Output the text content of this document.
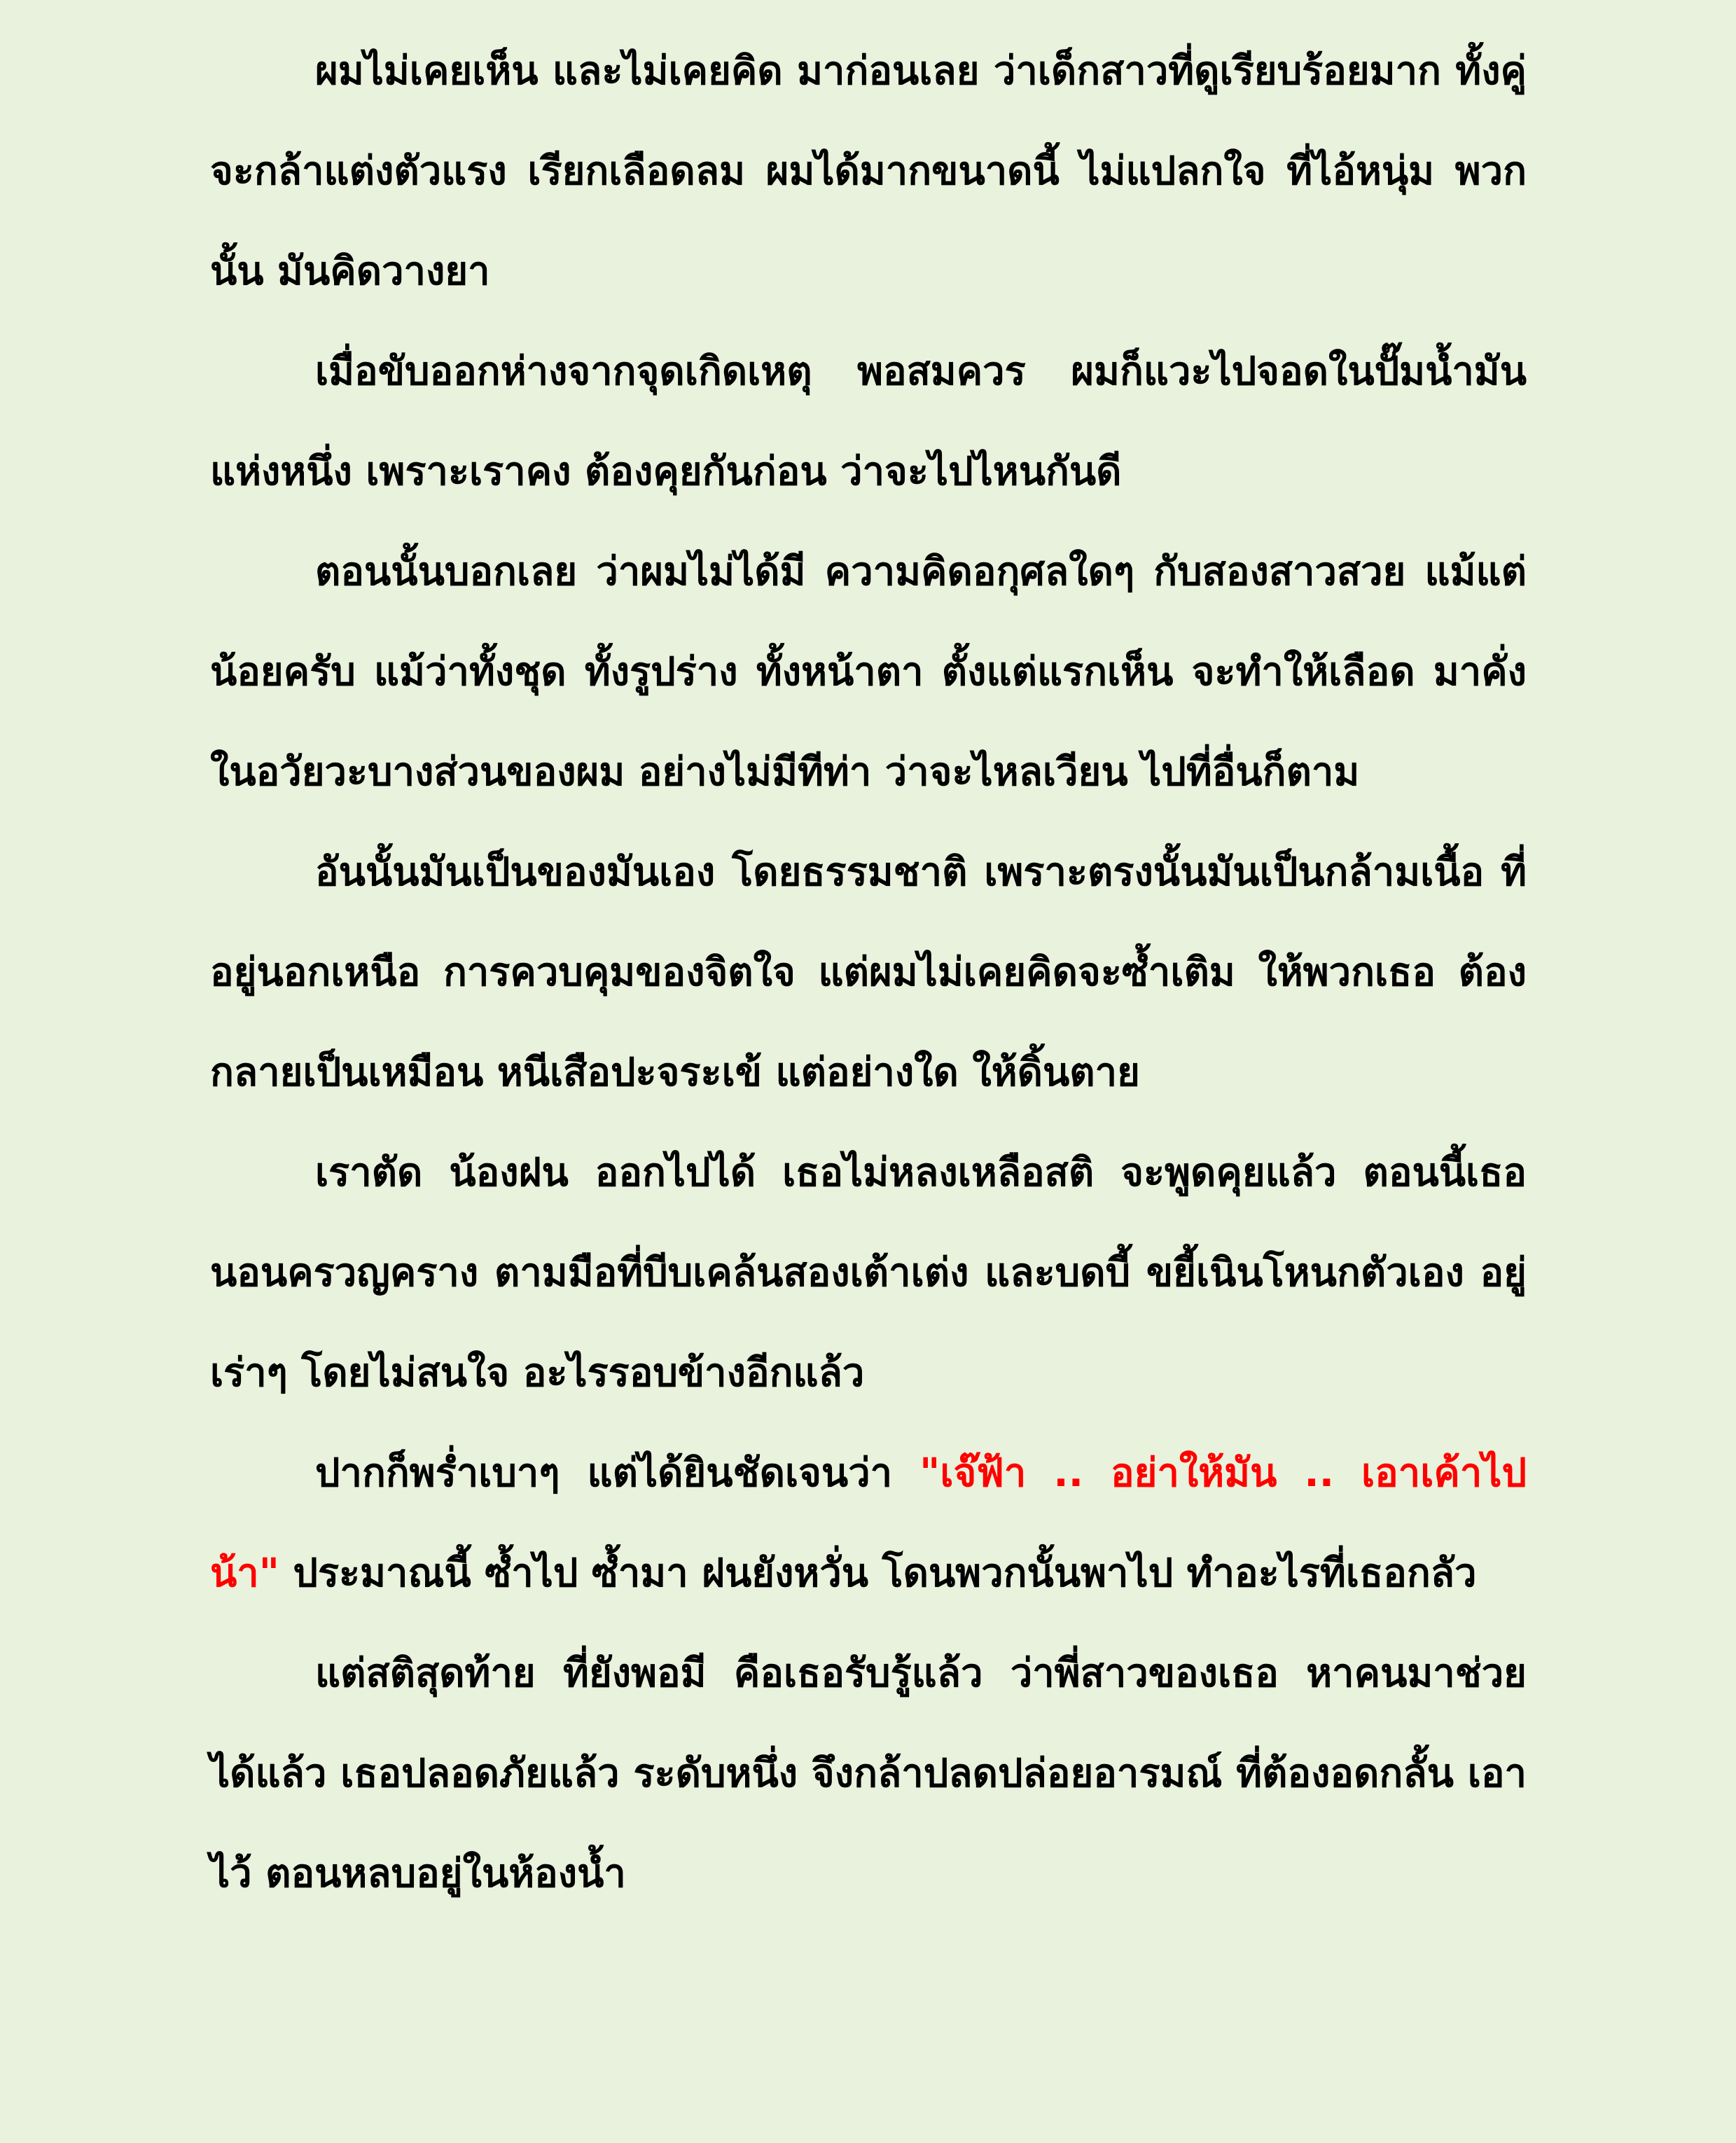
ผมไม่เคยเห็น และไม่เคยคิด มาก่อนเลย ว่าเด็กสาวที่ดูเรียบร้อยมาก ทั้งคู่ จะกล้าแต่งตัวแรง เรียกเลือดลม ผมได้มากขนาดนี้ ไม่แปลกใจ ที่ไอ้หนุ่ม พวกนั้น มันคิดวางยา

เมื่อขับออกห่างจากจุดเกิดเหตุ พอสมควร ผมก็แวะไปจอดในปั๊มน้ำมัน แห่งหนึ่ง เพราะเราคง ต้องคุยกันก่อน ว่าจะไปไหนกันดี

ตอนนั้นบอกเลย ว่าผมไม่ได้มี ความคิดอกุศลใดๆ กับสองสาวสวย แม้แต่น้อยครับ แม้ว่าทั้งชุด ทั้งรูปร่าง ทั้งหน้าตา ตั้งแต่แรกเห็น จะทำให้เลือด มาคั่งในอวัยวะบางส่วนของผม อย่างไม่มีทีท่า ว่าจะไหลเวียน ไปที่อื่นก็ตาม

อันนั้นมันเป็นของมันเอง โดยธรรมชาติ เพราะตรงนั้นมันเป็นกล้ามเนื้อ ที่อยู่นอกเหนือ การควบคุมของจิตใจ แต่ผมไม่เคยคิดจะซ้ำเติม ให้พวกเธอ ต้องกลายเป็นเหมือน หนีเสือปะจระเข้ แต่อย่างใด ให้ดิ้นตาย

เราตัด น้องฝน ออกไปได้ เธอไม่หลงเหลือสติ จะพูดคุยแล้ว ตอนนี้เธอ นอนครวญคราง ตามมือที่บีบเคล้นสองเต้าเต่ง และบดบี้ ขยี้เนินโหนกตัวเอง อยู่เร่าๆ โดยไม่สนใจ อะไรรอบข้างอีกแล้ว

ปากก็พร่ำเบาๆ แต่ได้ยินชัดเจนว่า "เจ๊ฟ้า .. อย่าให้มัน .. เอาเค้าไป น้า" ประมาณนี้ ซ้ำไป ซ้ำมา ฝนยังหวั่น โดนพวกนั้นพาไป ทำอะไรที่เธอกลัว

แต่สติสุดท้าย ที่ยังพอมี คือเธอรับรู้แล้ว ว่าพี่สาวของเธอ หาคนมาช่วย ได้แล้ว เธอปลอดภัยแล้ว ระดับหนึ่ง จึงกล้าปลดปล่อยอารมณ์ ที่ต้องอดกลั้น เอาไว้ ตอนหลบอยู่ในห้องน้ำ
